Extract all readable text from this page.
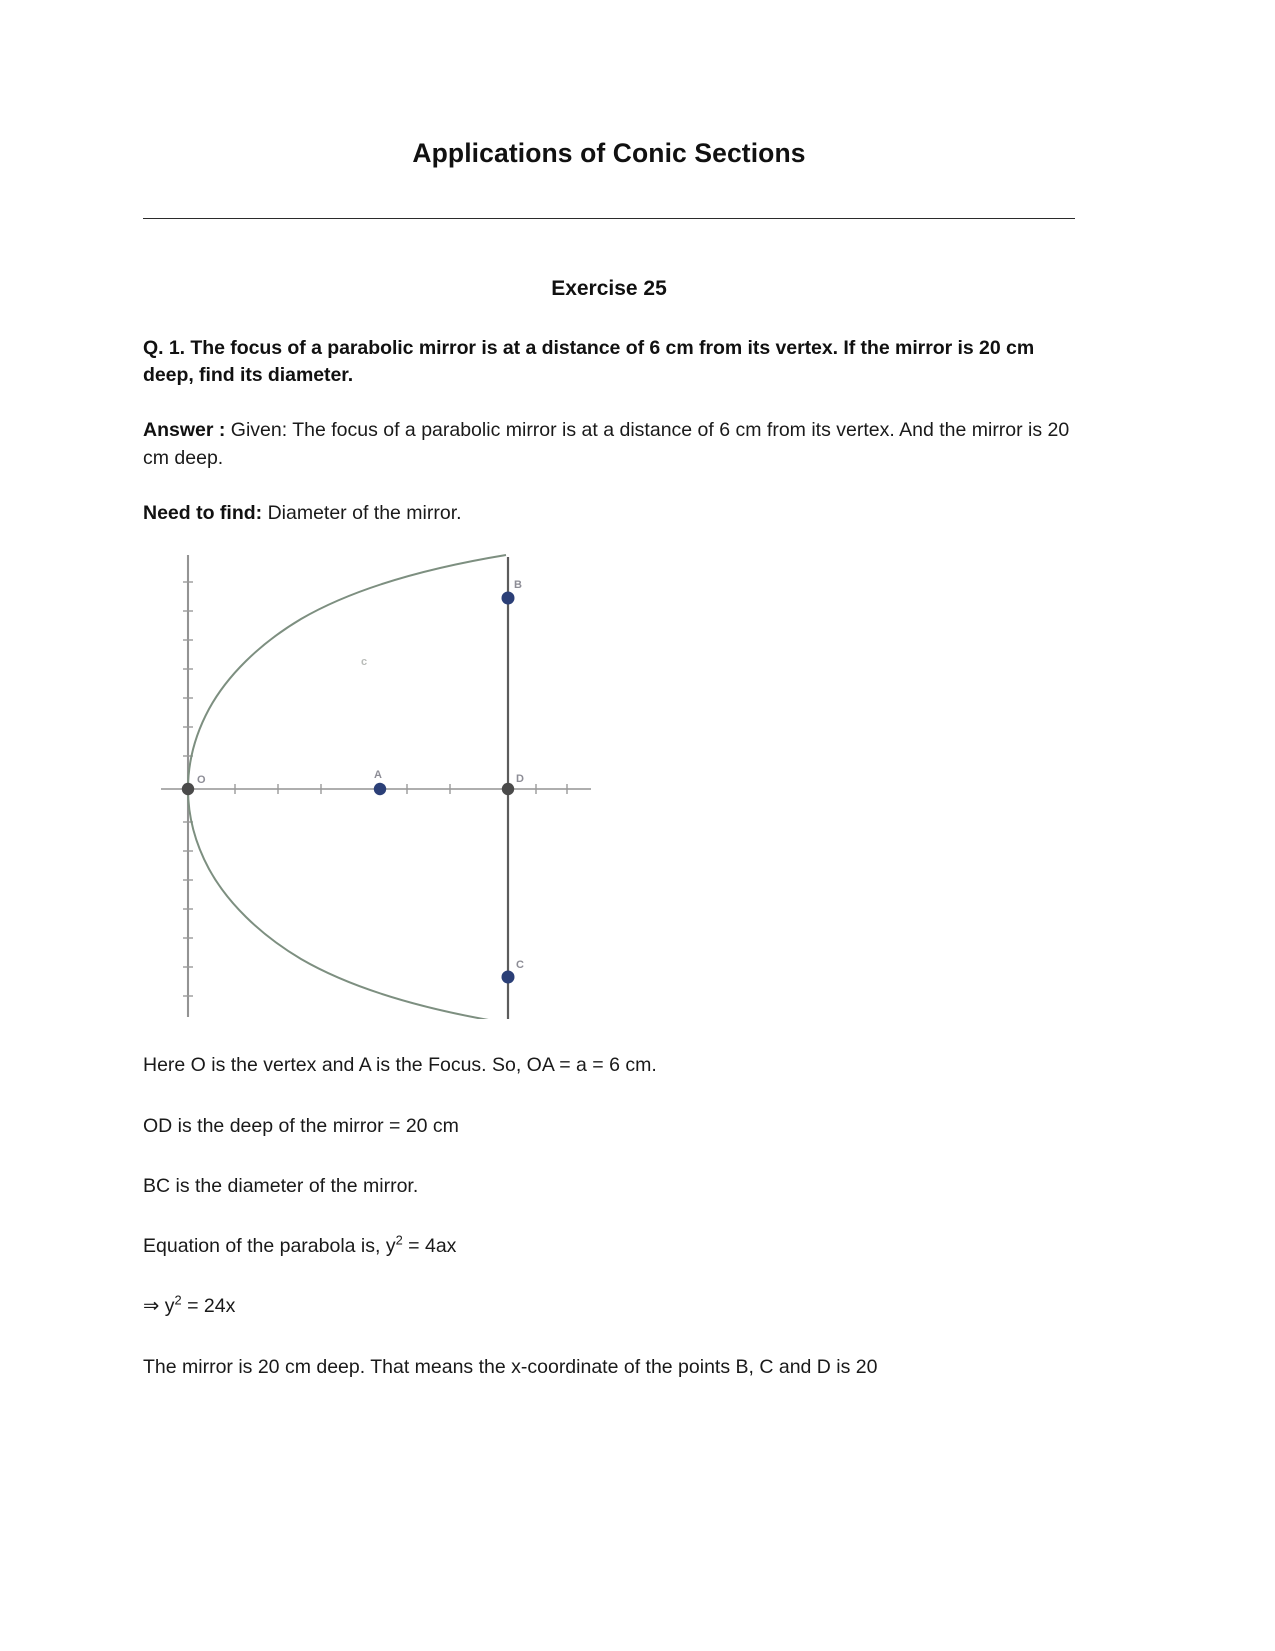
Applications of Conic Sections
Exercise 25

Q. 1. The focus of a parabolic mirror is at a distance of 6 cm from its vertex. If the mirror is 20 cm deep, find its diameter.

Answer : Given: The focus of a parabolic mirror is at a distance of 6 cm from its vertex. And the mirror is 20 cm deep.

Need to find: Diameter of the mirror.

O	A	D
B
C
c

Here O is the vertex and A is the Focus. So, OA = a = 6 cm.

OD is the deep of the mirror = 20 cm

BC is the diameter of the mirror.

Equation of the parabola is, $y^2 = 4ax$

⇒ $y^2 = 24x$

The mirror is 20 cm deep. That means the x-coordinate of the points B, C and D is 20
